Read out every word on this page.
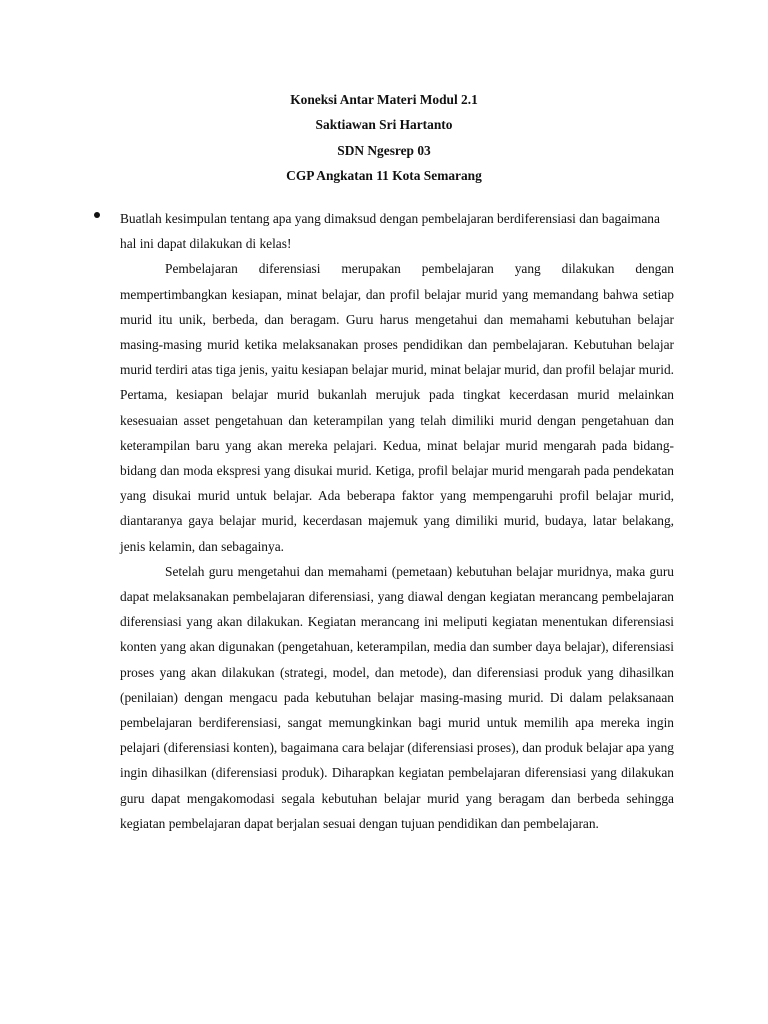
Koneksi Antar Materi Modul 2.1
Saktiawan Sri Hartanto
SDN Ngesrep 03
CGP Angkatan 11 Kota Semarang

Buatlah kesimpulan tentang apa yang dimaksud dengan pembelajaran berdiferensiasi dan bagaimana hal ini dapat dilakukan di kelas!

Pembelajaran diferensiasi merupakan pembelajaran yang dilakukan dengan mempertimbangkan kesiapan, minat belajar, dan profil belajar murid yang memandang bahwa setiap murid itu unik, berbeda, dan beragam. Guru harus mengetahui dan memahami kebutuhan belajar masing-masing murid ketika melaksanakan proses pendidikan dan pembelajaran. Kebutuhan belajar murid terdiri atas tiga jenis, yaitu kesiapan belajar murid, minat belajar murid, dan profil belajar murid. Pertama, kesiapan belajar murid bukanlah merujuk pada tingkat kecerdasan murid melainkan kesesuaian asset pengetahuan dan keterampilan yang telah dimiliki murid dengan pengetahuan dan keterampilan baru yang akan mereka pelajari. Kedua, minat belajar murid mengarah pada bidang-bidang dan moda ekspresi yang disukai murid. Ketiga, profil belajar murid mengarah pada pendekatan yang disukai murid untuk belajar. Ada beberapa faktor yang mempengaruhi profil belajar murid, diantaranya gaya belajar murid, kecerdasan majemuk yang dimiliki murid, budaya, latar belakang, jenis kelamin, dan sebagainya.

Setelah guru mengetahui dan memahami (pemetaan) kebutuhan belajar muridnya, maka guru dapat melaksanakan pembelajaran diferensiasi, yang diawal dengan kegiatan merancang pembelajaran diferensiasi yang akan dilakukan. Kegiatan merancang ini meliputi kegiatan menentukan diferensiasi konten yang akan digunakan (pengetahuan, keterampilan, media dan sumber daya belajar), diferensiasi proses yang akan dilakukan (strategi, model, dan metode), dan diferensiasi produk yang dihasilkan (penilaian) dengan mengacu pada kebutuhan belajar masing-masing murid. Di dalam pelaksanaan pembelajaran berdiferensiasi, sangat memungkinkan bagi murid untuk memilih apa mereka ingin pelajari (diferensiasi konten), bagaimana cara belajar (diferensiasi proses), dan produk belajar apa yang ingin dihasilkan (diferensiasi produk). Diharapkan kegiatan pembelajaran diferensiasi yang dilakukan guru dapat mengakomodasi segala kebutuhan belajar murid yang beragam dan berbeda sehingga kegiatan pembelajaran dapat berjalan sesuai dengan tujuan pendidikan dan pembelajaran.
